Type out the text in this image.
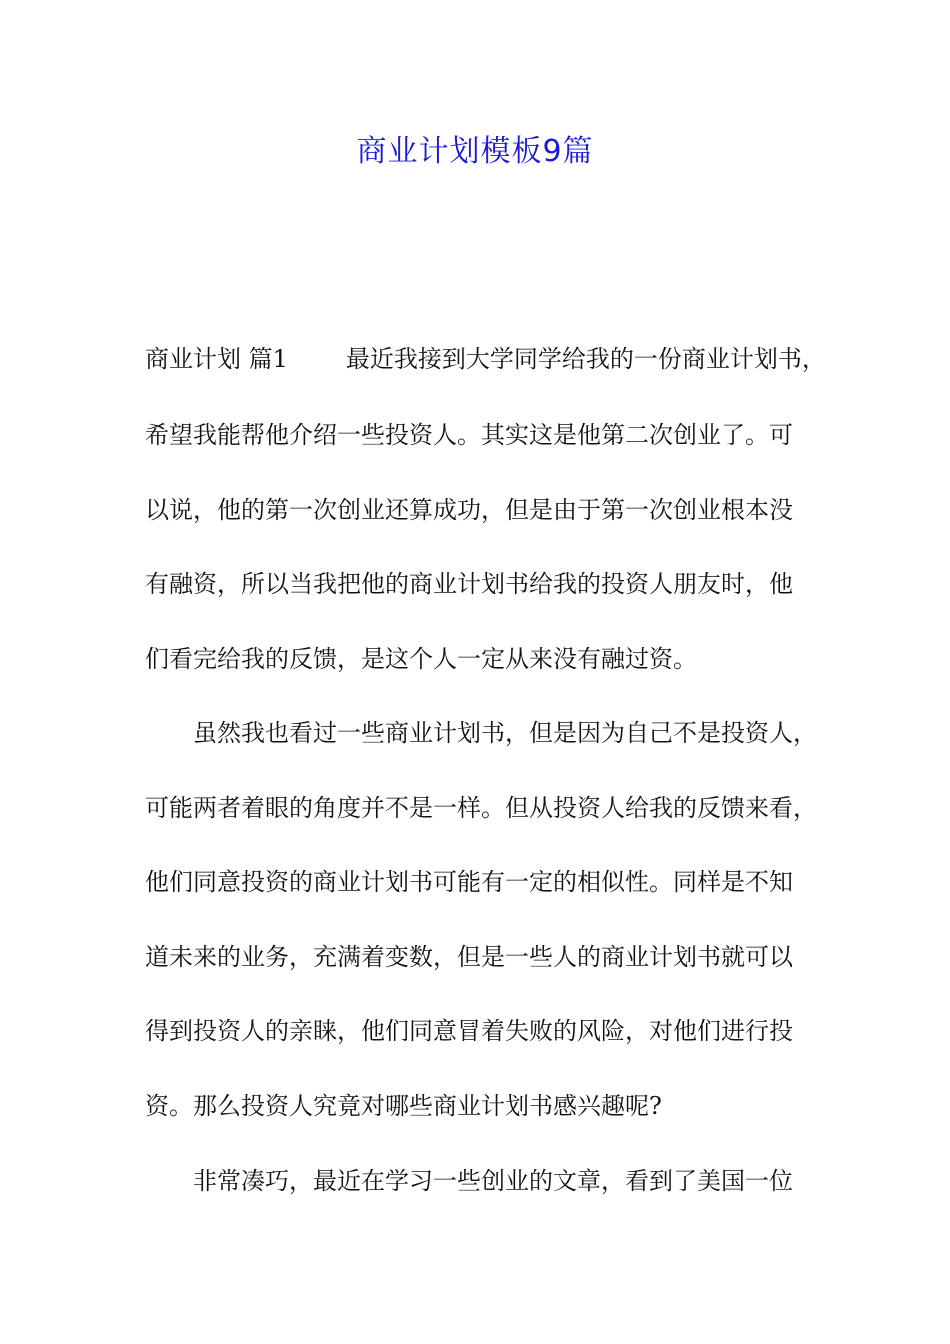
商业计划模板9篇
商业计划 篇1 最近我接到大学同学给我的一份商业计划书，
希望我能帮他介绍一些投资人。其实这是他第二次创业了。可
以说，他的第一次创业还算成功，但是由于第一次创业根本没
有融资，所以当我把他的商业计划书给我的投资人朋友时，他
们看完给我的反馈，是这个人一定从来没有融过资。
虽然我也看过一些商业计划书，但是因为自己不是投资人，
可能两者着眼的角度并不是一样。但从投资人给我的反馈来看，
他们同意投资的商业计划书可能有一定的相似性。同样是不知
道未来的业务，充满着变数，但是一些人的商业计划书就可以
得到投资人的亲睐，他们同意冒着失败的风险，对他们进行投
资。那么投资人究竟对哪些商业计划书感兴趣呢?
非常凑巧，最近在学习一些创业的文章，看到了美国一位
